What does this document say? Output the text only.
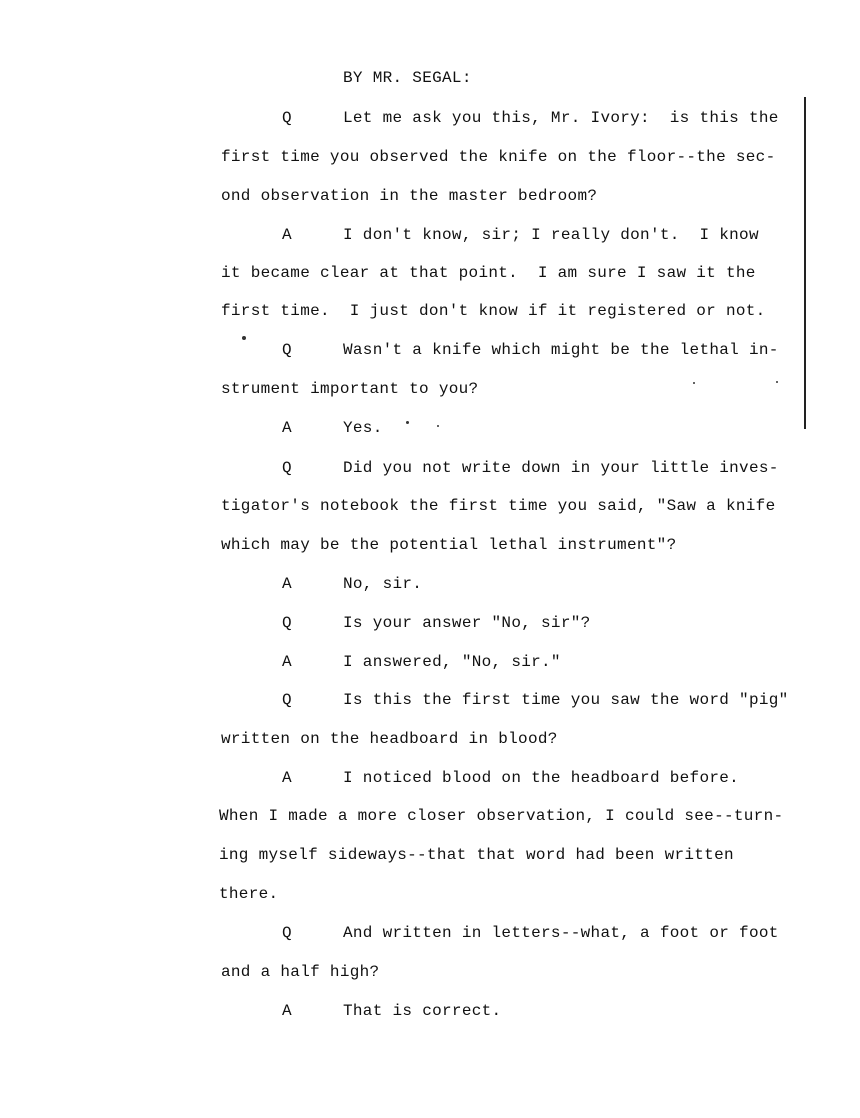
BY MR. SEGAL:
Q	Let me ask you this, Mr. Ivory:  is this the
first time you observed the knife on the floor--the sec-
ond observation in the master bedroom?
A	I don't know, sir; I really don't.  I know
it became clear at that point.  I am sure I saw it the
first time.  I just don't know if it registered or not.
Q	Wasn't a knife which might be the lethal in-
strument important to you?
A	Yes.
Q	Did you not write down in your little inves-
tigator's notebook the first time you said, "Saw a knife
which may be the potential lethal instrument"?
A	No, sir.
Q	Is your answer "No, sir"?
A	I answered, "No, sir."
Q	Is this the first time you saw the word "pig"
written on the headboard in blood?
A	I noticed blood on the headboard before.
When I made a more closer observation, I could see--turn-
ing myself sideways--that that word had been written
there.
Q	And written in letters--what, a foot or foot
and a half high?
A	That is correct.
